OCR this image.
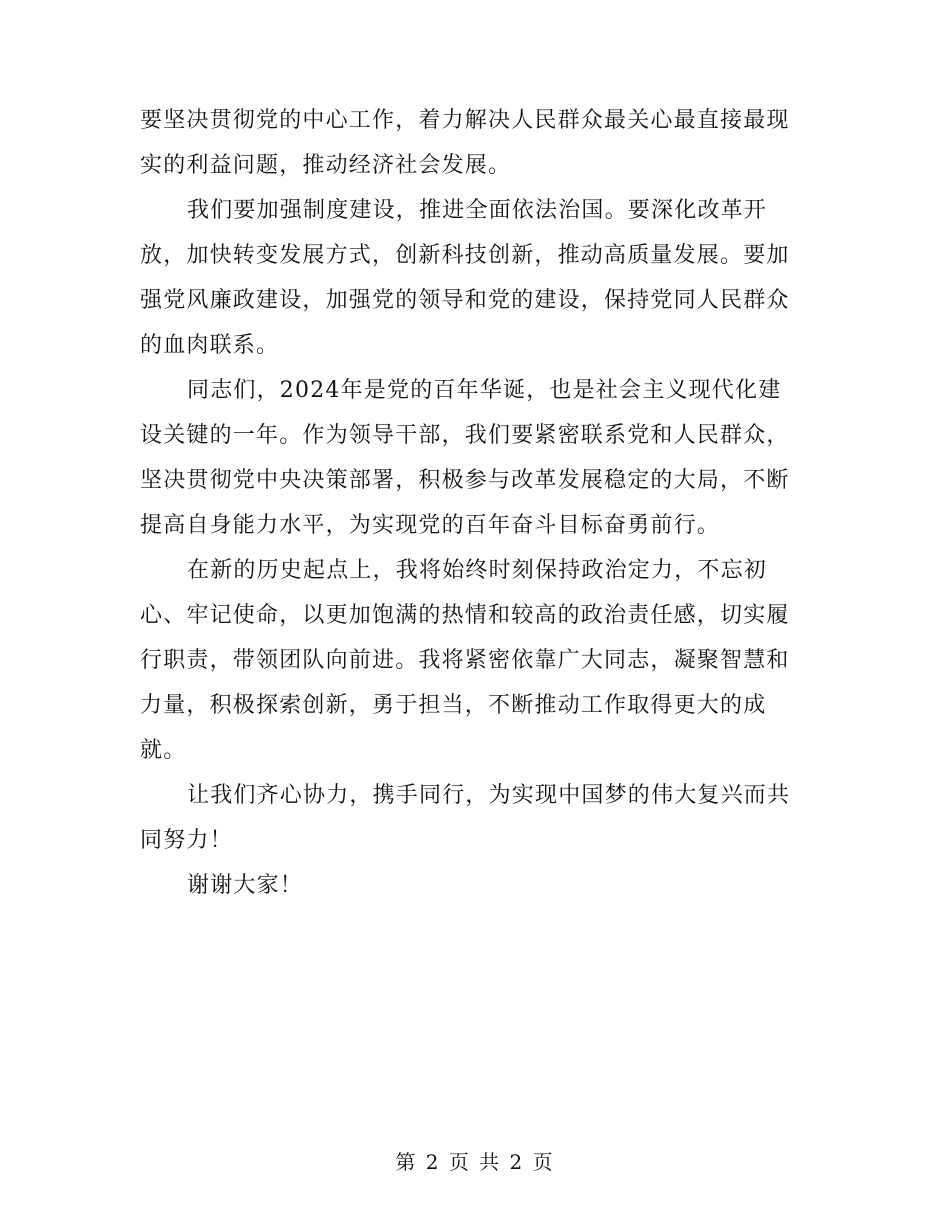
要坚决贯彻党的中心工作，着力解决人民群众最关心最直接最现实的利益问题，推动经济社会发展。

我们要加强制度建设，推进全面依法治国。要深化改革开放，加快转变发展方式，创新科技创新，推动高质量发展。要加强党风廉政建设，加强党的领导和党的建设，保持党同人民群众的血肉联系。

同志们，2024年是党的百年华诞，也是社会主义现代化建设关键的一年。作为领导干部，我们要紧密联系党和人民群众，坚决贯彻党中央决策部署，积极参与改革发展稳定的大局，不断提高自身能力水平，为实现党的百年奋斗目标奋勇前行。

在新的历史起点上，我将始终时刻保持政治定力，不忘初心、牢记使命，以更加饱满的热情和较高的政治责任感，切实履行职责，带领团队向前进。我将紧密依靠广大同志，凝聚智慧和力量，积极探索创新，勇于担当，不断推动工作取得更大的成就。

让我们齐心协力，携手同行，为实现中国梦的伟大复兴而共同努力！

谢谢大家！

第 2 页 共 2 页
